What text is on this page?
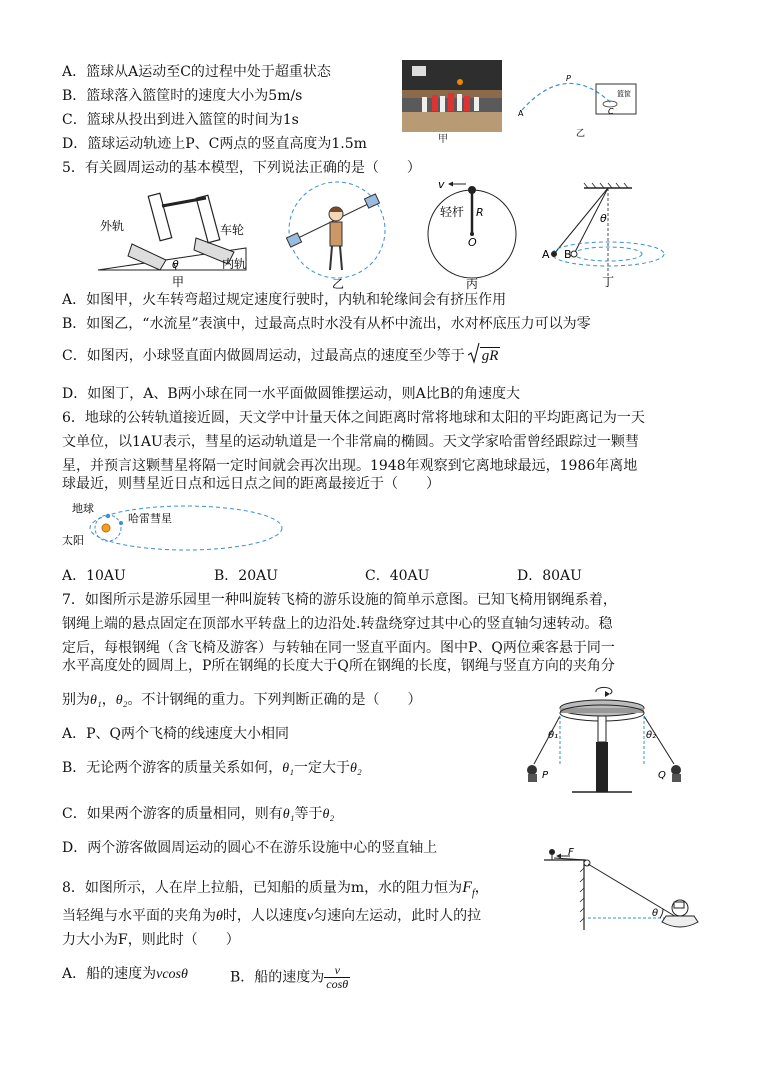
A．篮球从A运动至C的过程中处于超重状态
B．篮球落入篮筐时的速度大小为5m/s
C．篮球从投出到进入篮筐的时间为1s
D．篮球运动轨迹上P、C两点的竖直高度为1.5m	甲
A
P
C
篮筐
乙
5．有关圆周运动的基本模型，下列说法正确的是（　　）
外轨	车轮
内轨
θ
甲	乙
v
轻杆 R
O
丙
θ
A B
丁
A．如图甲，火车转弯超过规定速度行驶时，内轨和轮缘间会有挤压作用
B．如图乙，“水流星”表演中，过最高点时水没有从杯中流出，水对杯底压力可以为零
C．如图丙，小球竖直面内做圆周运动，过最高点的速度至少等于 gR
D．如图丁，A、B两小球在同一水平面做圆锥摆运动，则A比B的角速度大
6．地球的公转轨道接近圆，天文学中计量天体之间距离时常将地球和太阳的平均距离记为一天
文单位，以1AU表示，彗星的运动轨道是一个非常扁的椭圆。天文学家哈雷曾经跟踪过一颗彗
星，并预言这颗彗星将隔一定时间就会再次出现。1948年观察到它离地球最远，1986年离地
球最近，则彗星近日点和远日点之间的距离最接近于（　　）
地球
哈雷彗星
太阳
A．10AU	B．20AU	C．40AU	D．80AU
7．如图所示是游乐园里一种叫旋转飞椅的游乐设施的简单示意图。已知飞椅用钢绳系着，
钢绳上端的悬点固定在顶部水平转盘上的边沿处.转盘绕穿过其中心的竖直轴匀速转动。稳
定后，每根钢绳（含飞椅及游客）与转轴在同一竖直平面内。图中P、Q两位乘客悬于同一
水平高度处的圆周上，P所在钢绳的长度大于Q所在钢绳的长度，钢绳与竖直方向的夹角分
别为θ₁，θ₂。不计钢绳的重力。下列判断正确的是（　　）
A．P、Q两个飞椅的线速度大小相同
B．无论两个游客的质量关系如何，θ₁一定大于θ₂
C．如果两个游客的质量相同，则有θ₁等于θ₂
D．两个游客做圆周运动的圆心不在游乐设施中心的竖直轴上
θ₁	θ₂
P	Q
8．如图所示，人在岸上拉船，已知船的质量为m，水的阻力恒为$F_f$，
当轻绳与水平面的夹角为θ时，人以速度v匀速向左运动，此时人的拉
力大小为F，则此时（　　）
A．船的速度为vcosθ	B．船的速度为 $\frac{v}{\cos\theta}$
F
θ
